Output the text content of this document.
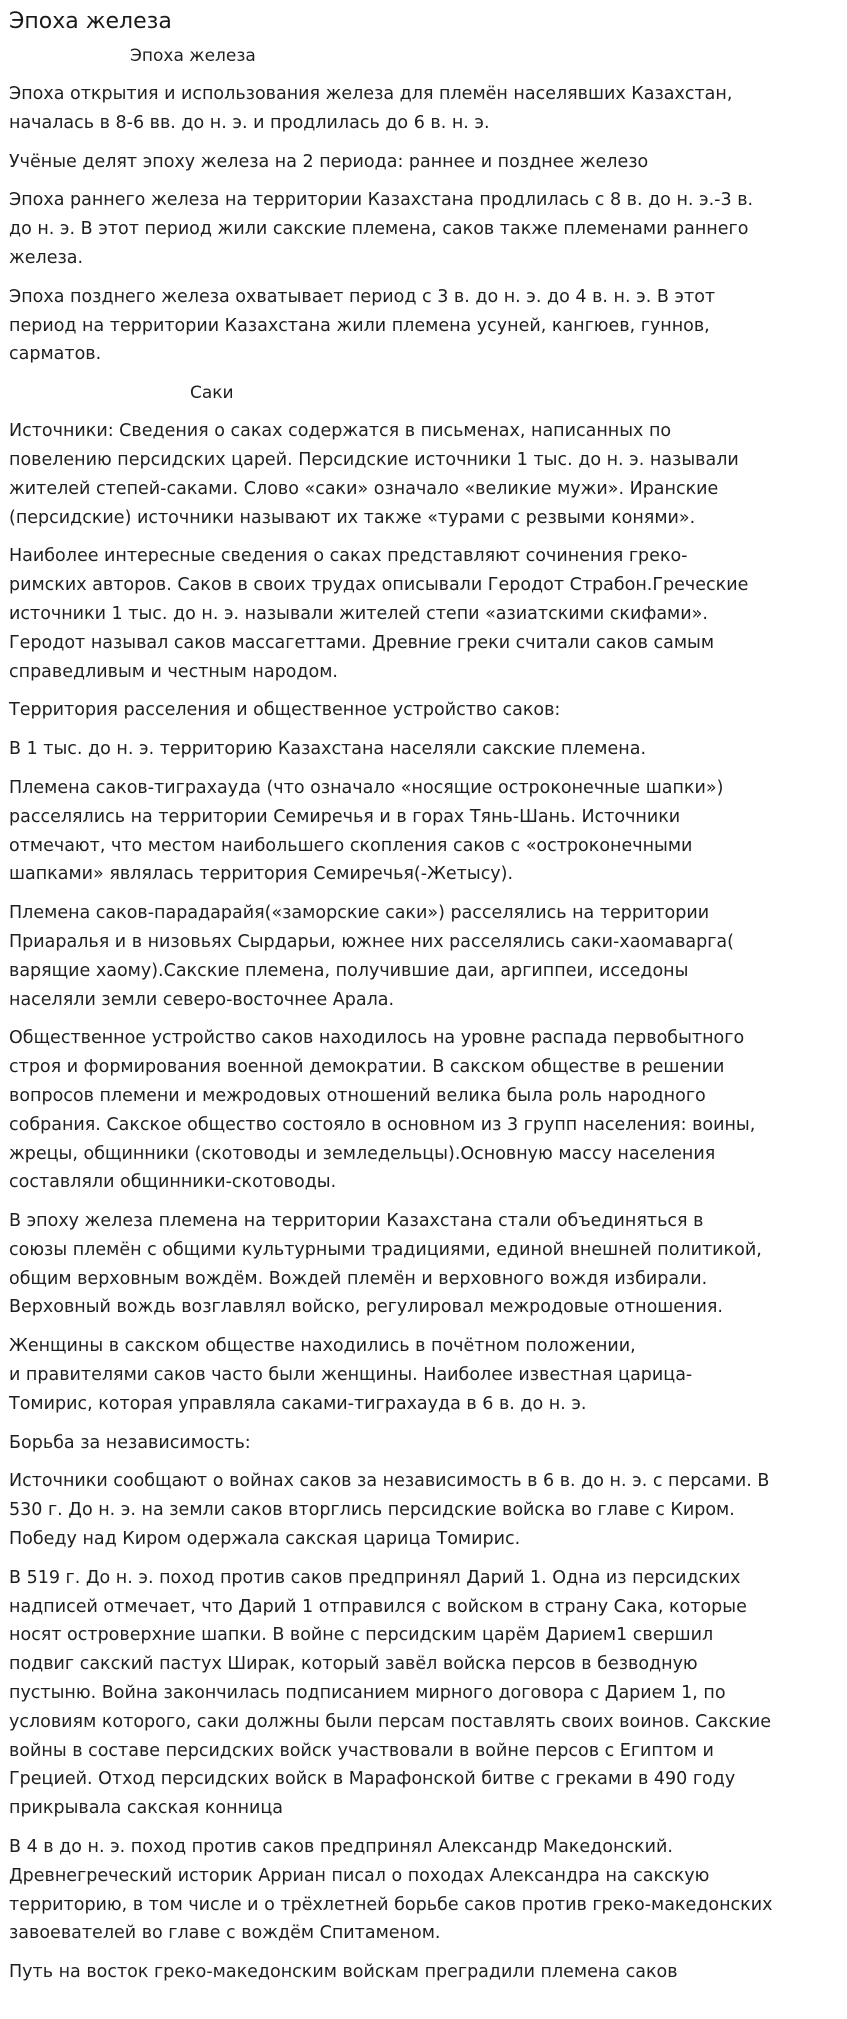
Эпоха железа
Эпоха железа

Эпоха открытия и использования железа для племён населявших Казахстан,
началась в 8-6 вв. до н. э. и продлилась до 6 в. н. э.

Учёные делят эпоху железа на 2 периода: раннее и позднее железо

Эпоха раннего железа на территории Казахстана продлилась с 8 в. до н. э.-3 в.
до н. э. В этот период жили сакские племена, саков также племенами раннего
железа.

Эпоха позднего железа охватывает период с 3 в. до н. э. до 4 в. н. э. В этот
период на территории Казахстана жили племена усуней, кангюев, гуннов,
сарматов.

Саки

Источники: Сведения о саках содержатся в письменах, написанных по
повелению персидских царей. Персидские источники 1 тыс. до н. э. называли
жителей степей-саками. Слово «саки» означало «великие мужи». Иранские
(персидские) источники называют их также «турами с резвыми конями».

Наиболее интересные сведения о саках представляют сочинения греко-
римских авторов. Саков в своих трудах описывали Геродот Страбон.Греческие
источники 1 тыс. до н. э. называли жителей степи «азиатскими скифами».
Геродот называл саков массагеттами. Древние греки считали саков самым
справедливым и честным народом.

Территория расселения и общественное устройство саков:

В 1 тыс. до н. э. территорию Казахстана населяли сакские племена.

Племена саков-тиграхауда (что означало «носящие остроконечные шапки»)
расселялись на территории Семиречья и в горах Тянь-Шань. Источники
отмечают, что местом наибольшего скопления саков с «остроконечными
шапками» являлась территория Семиречья(-Жетысу).

Племена саков-парадарайя(«заморские саки») расселялись на территории
Приаралья и в низовьях Сырдарьи, южнее них расселялись саки-хаомаварга(
варящие хаому).Сакские племена, получившие даи, аргиппеи, исседоны
населяли земли северо-восточнее Арала.

Общественное устройство саков находилось на уровне распада первобытного
строя и формирования военной демократии. В сакском обществе в решении
вопросов племени и межродовых отношений велика была роль народного
собрания. Сакское общество состояло в основном из 3 групп населения: воины,
жрецы, общинники (скотоводы и земледельцы).Основную массу населения
составляли общинники-скотоводы.

В эпоху железа племена на территории Казахстана стали объединяться в
союзы племён с общими культурными традициями, единой внешней политикой,
общим верховным вождём. Вождей племён и верховного вождя избирали.
Верховный вождь возглавлял войско, регулировал межродовые отношения.

Женщины в сакском обществе находились в почётном положении,
и правителями саков часто были женщины. Наиболее известная царица-
Томирис, которая управляла саками-тиграхауда в 6 в. до н. э.

Борьба за независимость:

Источники сообщают о войнах саков за независимость в 6 в. до н. э. с персами. В
530 г. До н. э. на земли саков вторглись персидские войска во главе с Киром.
Победу над Киром одержала сакская царица Томирис.

В 519 г. До н. э. поход против саков предпринял Дарий 1. Одна из персидских
надписей отмечает, что Дарий 1 отправился с войском в страну Сака, которые
носят островерхние шапки. В войне с персидским царём Дарием1 свершил
подвиг сакский пастух Ширак, который завёл войска персов в безводную
пустыню. Война закончилась подписанием мирного договора с Дарием 1, по
условиям которого, саки должны были персам поставлять своих воинов. Сакские
войны в составе персидских войск участвовали в войне персов с Египтом и
Грецией. Отход персидских войск в Марафонской битве с греками в 490 году
прикрывала сакская конница

В 4 в до н. э. поход против саков предпринял Александр Македонский.
Древнегреческий историк Арриан писал о походах Александра на сакскую
территорию, в том числе и о трёхлетней борьбе саков против греко-македонских
завоевателей во главе с вождём Спитаменом.

Путь на восток греко-македонским войскам преградили племена саков
